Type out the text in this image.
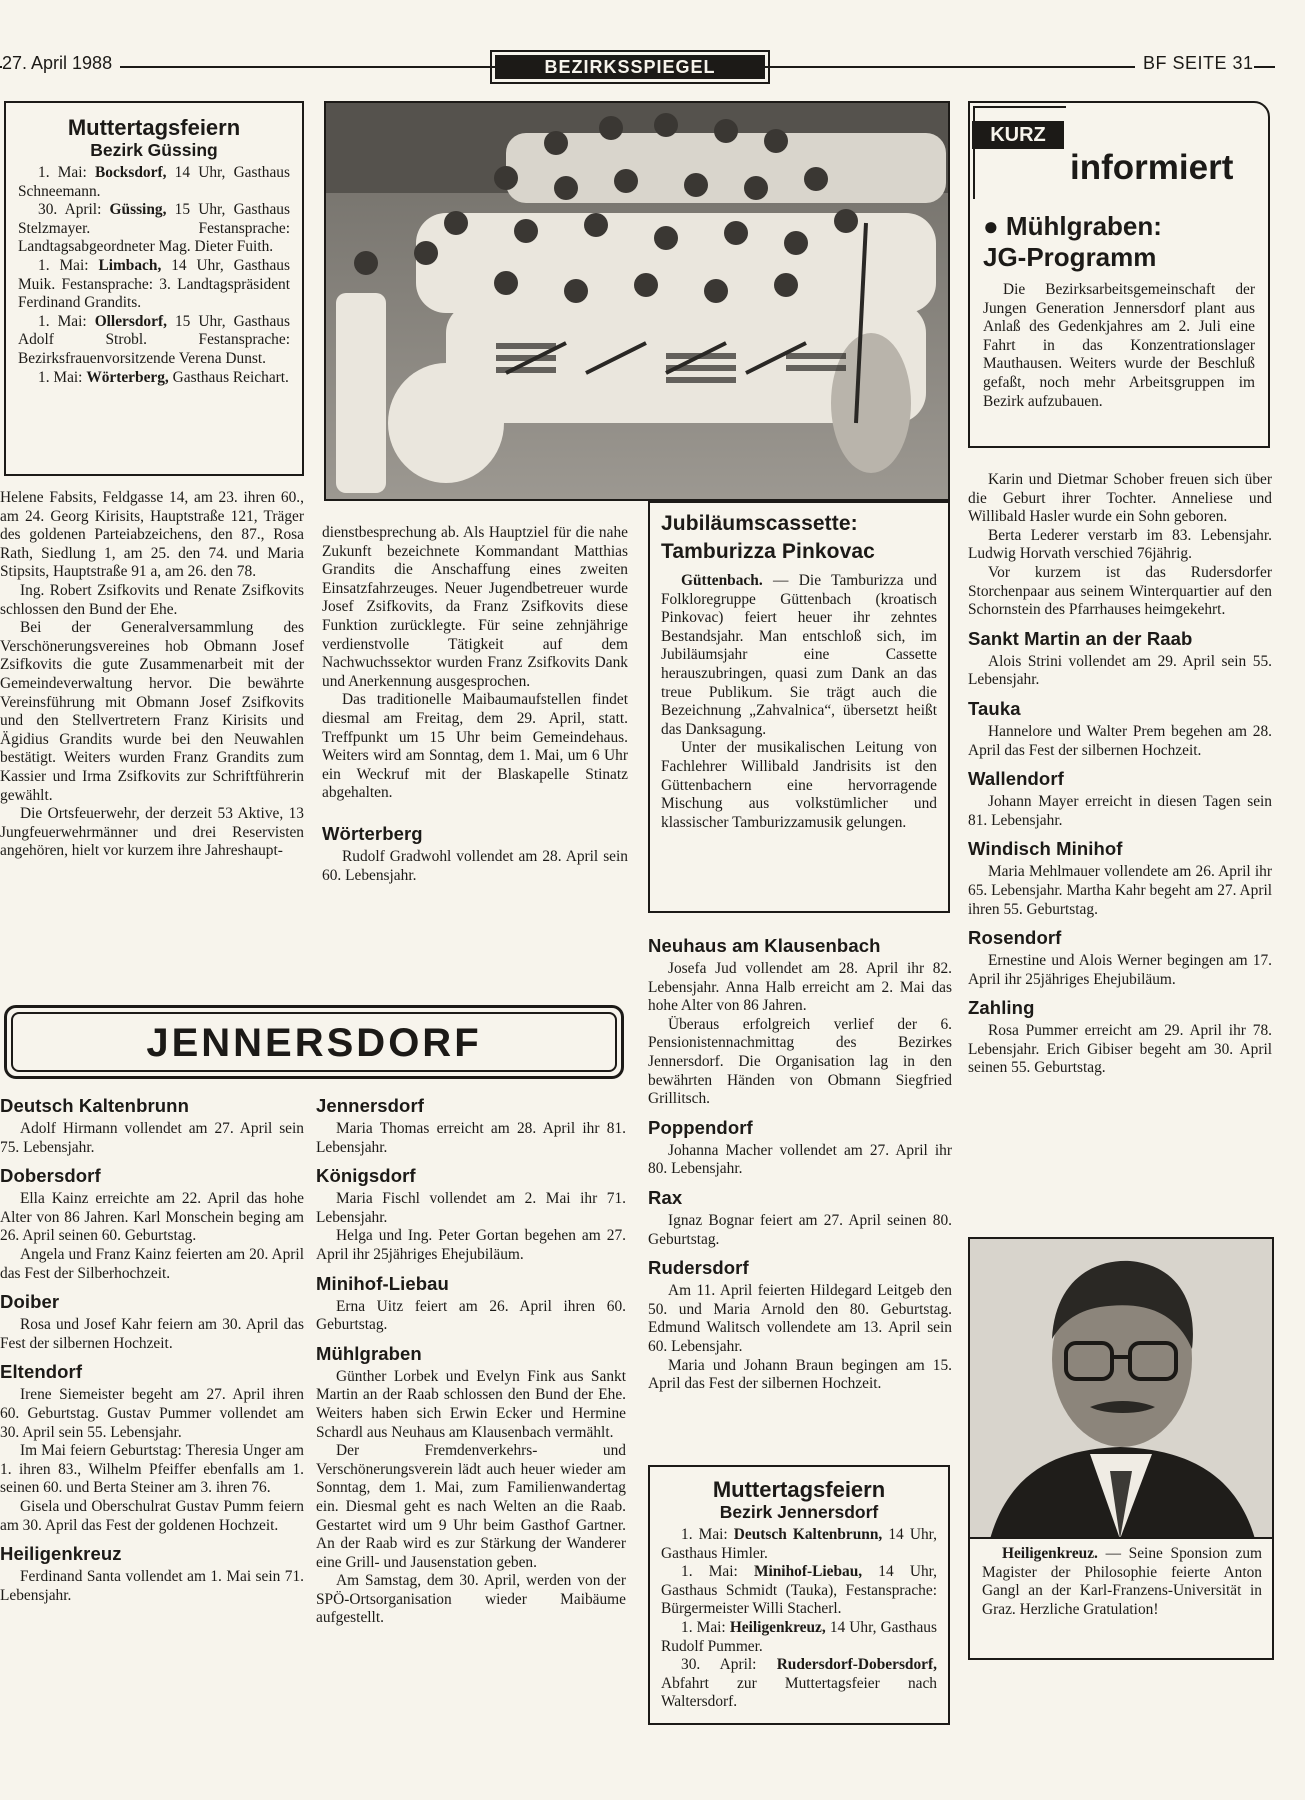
27. April 1988	BEZIRKSSPIEGEL	BF SEITE 31
Muttertagsfeiern
Bezirk Güssing

1. Mai: Bocksdorf, 14 Uhr, Gasthaus Schneemann.

30. April: Güssing, 15 Uhr, Gasthaus Stelzmayer. Festansprache: Landtagsabgeordneter Mag. Dieter Fuith.

1. Mai: Limbach, 14 Uhr, Gasthaus Muik. Festansprache: 3. Landtagspräsident Ferdinand Grandits.

1. Mai: Ollersdorf, 15 Uhr, Gasthaus Adolf Strobl. Festansprache: Bezirksfrauenvorsitzende Verena Dunst.

1. Mai: Wörterberg, Gasthaus Reichart.

Helene Fabsits, Feldgasse 14, am 23. ihren 60., am 24. Georg Kirisits, Hauptstraße 121, Träger des goldenen Parteiabzeichens, den 87., Rosa Rath, Siedlung 1, am 25. den 74. und Maria Stipsits, Hauptstraße 91 a, am 26. den 78.

Ing. Robert Zsifkovits und Renate Zsifkovits schlossen den Bund der Ehe.

Bei der Generalversammlung des Verschönerungsvereines hob Obmann Josef Zsifkovits die gute Zusammenarbeit mit der Gemeindeverwaltung hervor. Die bewährte Vereinsführung mit Obmann Josef Zsifkovits und den Stellvertretern Franz Kirisits und Ägidius Grandits wurde bei den Neuwahlen bestätigt. Weiters wurden Franz Grandits zum Kassier und Irma Zsifkovits zur Schriftführerin gewählt.

Die Ortsfeuerwehr, der derzeit 53 Aktive, 13 Jungfeuerwehrmänner und drei Reservisten angehören, hielt vor kurzem ihre Jahreshaupt-

dienstbesprechung ab. Als Hauptziel für die nahe Zukunft bezeichnete Kommandant Matthias Grandits die Anschaffung eines zweiten Einsatzfahrzeuges. Neuer Jugendbetreuer wurde Josef Zsifkovits, da Franz Zsifkovits diese Funktion zurücklegte. Für seine zehnjährige verdienstvolle Tätigkeit auf dem Nachwuchssektor wurden Franz Zsifkovits Dank und Anerkennung ausgesprochen.

Das traditionelle Maibaumaufstellen findet diesmal am Freitag, dem 29. April, statt. Treffpunkt um 15 Uhr beim Gemeindehaus. Weiters wird am Sonntag, dem 1. Mai, um 6 Uhr ein Weckruf mit der Blaskapelle Stinatz abgehalten.

Wörterberg

Rudolf Gradwohl vollendet am 28. April sein 60. Lebensjahr.

Jubiläumscassette:
Tamburizza Pinkovac

Güttenbach. — Die Tamburizza und Folkloregruppe Güttenbach (kroatisch Pinkovac) feiert heuer ihr zehntes Bestandsjahr. Man entschloß sich, im Jubiläumsjahr eine Cassette herauszubringen, quasi zum Dank an das treue Publikum. Sie trägt auch die Bezeichnung „Zahvalnica“, übersetzt heißt das Danksagung.

Unter der musikalischen Leitung von Fachlehrer Willibald Jandrisits ist den Güttenbachern eine hervorragende Mischung aus volkstümlicher und klassischer Tamburizzamusik gelungen.

● Mühlgraben:
JG-Programm

Die Bezirksarbeitsgemeinschaft der Jungen Generation Jennersdorf plant aus Anlaß des Gedenkjahres am 2. Juli eine Fahrt in das Konzentrationslager Mauthausen. Weiters wurde der Beschluß gefaßt, noch mehr Arbeitsgruppen im Bezirk aufzubauen.

KURZ
informiert

Karin und Dietmar Schober freuen sich über die Geburt ihrer Tochter. Anneliese und Willibald Hasler wurde ein Sohn geboren.

Berta Lederer verstarb im 83. Lebensjahr. Ludwig Horvath verschied 76jährig.

Vor kurzem ist das Rudersdorfer Storchenpaar aus seinem Winterquartier auf den Schornstein des Pfarrhauses heimgekehrt.

Sankt Martin an der Raab

Alois Strini vollendet am 29. April sein 55. Lebensjahr.

Tauka

Hannelore und Walter Prem begehen am 28. April das Fest der silbernen Hochzeit.

Wallendorf

Johann Mayer erreicht in diesen Tagen sein 81. Lebensjahr.

Windisch Minihof

Maria Mehlmauer vollendete am 26. April ihr 65. Lebensjahr. Martha Kahr begeht am 27. April ihren 55. Geburtstag.

Rosendorf

Ernestine und Alois Werner begingen am 17. April ihr 25jähriges Ehejubiläum.

Zahling

Rosa Pummer erreicht am 29. April ihr 78. Lebensjahr. Erich Gibiser begeht am 30. April seinen 55. Geburtstag.

JENNERSDORF
Deutsch Kaltenbrunn

Adolf Hirmann vollendet am 27. April sein 75. Lebensjahr.

Dobersdorf

Ella Kainz erreichte am 22. April das hohe Alter von 86 Jahren. Karl Monschein beging am 26. April seinen 60. Geburtstag.

Angela und Franz Kainz feierten am 20. April das Fest der Silberhochzeit.

Doiber

Rosa und Josef Kahr feiern am 30. April das Fest der silbernen Hochzeit.

Eltendorf

Irene Siemeister begeht am 27. April ihren 60. Geburtstag. Gustav Pummer vollendet am 30. April sein 55. Lebensjahr.

Im Mai feiern Geburtstag: Theresia Unger am 1. ihren 83., Wilhelm Pfeiffer ebenfalls am 1. seinen 60. und Berta Steiner am 3. ihren 76.

Gisela und Oberschulrat Gustav Pumm feiern am 30. April das Fest der goldenen Hochzeit.

Heiligenkreuz

Ferdinand Santa vollendet am 1. Mai sein 71. Lebensjahr.

Jennersdorf

Maria Thomas erreicht am 28. April ihr 81. Lebensjahr.

Königsdorf

Maria Fischl vollendet am 2. Mai ihr 71. Lebensjahr.

Helga und Ing. Peter Gortan begehen am 27. April ihr 25jähriges Ehejubiläum.

Minihof-Liebau

Erna Uitz feiert am 26. April ihren 60. Geburtstag.

Mühlgraben

Günther Lorbek und Evelyn Fink aus Sankt Martin an der Raab schlossen den Bund der Ehe. Weiters haben sich Erwin Ecker und Hermine Schardl aus Neuhaus am Klausenbach vermählt.

Der Fremdenverkehrs- und Verschönerungsverein lädt auch heuer wieder am Sonntag, dem 1. Mai, zum Familienwandertag ein. Diesmal geht es nach Welten an die Raab. Gestartet wird um 9 Uhr beim Gasthof Gartner. An der Raab wird es zur Stärkung der Wanderer eine Grill- und Jausenstation geben.

Am Samstag, dem 30. April, werden von der SPÖ-Ortsorganisation wieder Maibäume aufgestellt.

Neuhaus am Klausenbach

Josefa Jud vollendet am 28. April ihr 82. Lebensjahr. Anna Halb erreicht am 2. Mai das hohe Alter von 86 Jahren.

Überaus erfolgreich verlief der 6. Pensionistennachmittag des Bezirkes Jennersdorf. Die Organisation lag in den bewährten Händen von Obmann Siegfried Grillitsch.

Poppendorf

Johanna Macher vollendet am 27. April ihr 80. Lebensjahr.

Rax

Ignaz Bognar feiert am 27. April seinen 80. Geburtstag.

Rudersdorf

Am 11. April feierten Hildegard Leitgeb den 50. und Maria Arnold den 80. Geburtstag. Edmund Walitsch vollendete am 13. April sein 60. Lebensjahr.

Maria und Johann Braun begingen am 15. April das Fest der silbernen Hochzeit.

Muttertagsfeiern
Bezirk Jennersdorf

1. Mai: Deutsch Kaltenbrunn, 14 Uhr, Gasthaus Himler.

1. Mai: Minihof-Liebau, 14 Uhr, Gasthaus Schmidt (Tauka), Festansprache: Bürgermeister Willi Stacherl.

1. Mai: Heiligenkreuz, 14 Uhr, Gasthaus Rudolf Pummer.

30. April: Rudersdorf-Dobersdorf, Abfahrt zur Muttertagsfeier nach Waltersdorf.

Heiligenkreuz. — Seine Sponsion zum Magister der Philosophie feierte Anton Gangl an der Karl-Franzens-Universität in Graz. Herzliche Gratulation!
